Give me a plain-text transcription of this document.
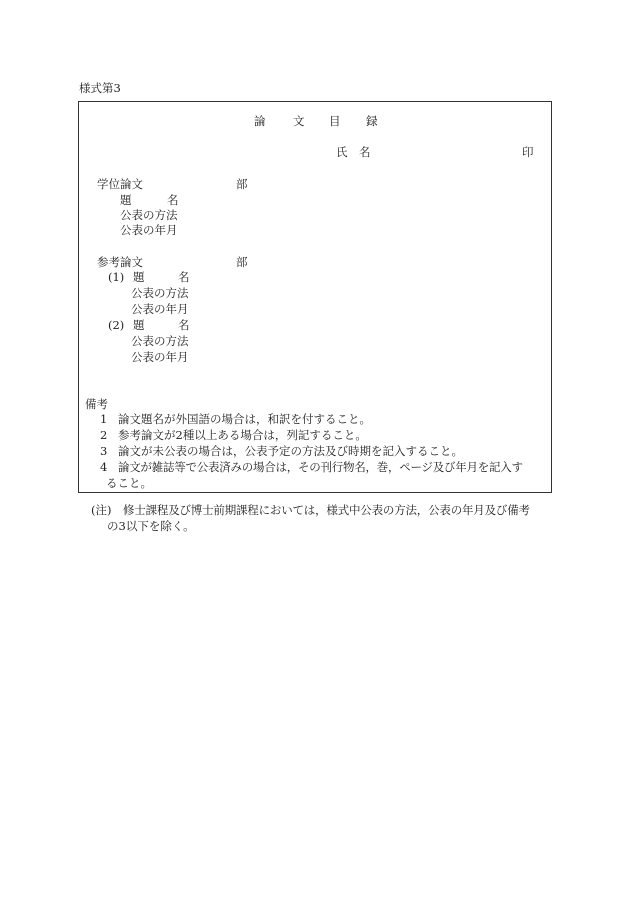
様式第3
論 文 目 録
氏 名	印
学位論文	部
題	名
公表の方法
公表の年月
参考論文	部
(1) 題	名
公表の方法
公表の年月
(2) 題	名
公表の方法
公表の年月
備考
1 論文題名が外国語の場合は，和訳を付すること。
2 参考論文が2種以上ある場合は，列記すること。
3 論文が未公表の場合は，公表予定の方法及び時期を記入すること。
4 論文が雑誌等で公表済みの場合は，その刊行物名，巻，ページ及び年月を記入す
ること。
(注) 修士課程及び博士前期課程においては，様式中公表の方法，公表の年月及び備考
の3以下を除く。
